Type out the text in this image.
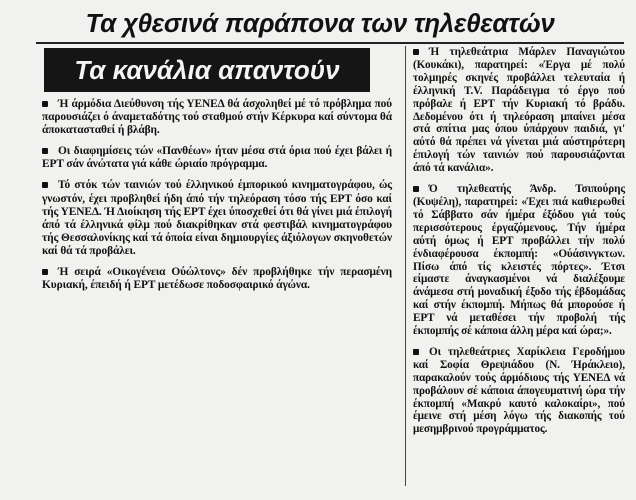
Τα χθεσινά παράπονα των τηλεθεατών
Τα κανάλια απαντούν

Ή άρμόδια Διεύθυνση τής ΥΕΝΕΔ θά άσχοληθεί μέ τό πρόβλημα πού παρουσιάζει ό άναμεταδότης τού σταθμού στήν Κέρκυρα καί σύντομα θά άποκατασταθεί ή βλάβη.

Οι διαφημίσεις τών «Πανθέων» ήταν μέσα στά όρια πού έχει βάλει ή ΕΡΤ σάν άνώτατα γιά κάθε ώριαίο πρόγραμμα.

Τό στόκ τών ταινιών τού έλληνικού έμπορικού κινηματογράφου, ώς γνωστόν, έχει προβληθεί ήδη άπό τήν τηλεόραση τόσο τής ΕΡΤ όσο καί τής ΥΕΝΕΔ. Ή Διοίκηση τής ΕΡΤ έχει ύποσχεθεί ότι θά γίνει μιά έπιλογή άπό τά έλληνικά φίλμ πού διακρίθηκαν στά φεστιβάλ κινηματογράφου τής Θεσσαλονίκης καί τά όποία είναι δημιουργίες άξιόλογων σκηνοθετών καί θά τά προβάλει.

Ή σειρά «Οικογένεια Ούώλτονς» δέν προβλήθηκε τήν περασμένη Κυριακή, έπειδή ή ΕΡΤ μετέδωσε ποδοσφαιρικό άγώνα.

Ή τηλεθεάτρια Μάρλεν Παναγιώτου (Κουκάκι), παρατηρεί: «Έργα μέ πολύ τολμηρές σκηνές προβάλλει τελευταία ή έλληνική Τ.V. Παράδειγμα τό έργο πού πρόβαλε ή ΕΡΤ τήν Κυριακή τό βράδυ. Δεδομένου ότι ή τηλεόραση μπαίνει μέσα στά σπίτια μας όπου ύπάρχουν παιδιά, γι' αύτό θά πρέπει νά γίνεται μιά αύστηρότερη έπιλογή τών ταινιών πού παρουσιάζονται άπό τά κανάλια».

Ό τηλεθεατής Άνδρ. Τσιπούρης (Κυψέλη), παρατηρεί: «Έχει πιά καθιερωθεί τό Σάββατο σάν ήμέρα έξόδου γιά τούς περισσότερους έργαζόμενους. Τήν ήμέρα αύτή όμως ή ΕΡΤ προβάλλει τήν πολύ ένδιαφέρουσα έκπομπή: «Ούάσινγκτων. Πίσω άπό τίς κλειστές πόρτες». Έτσι είμαστε άναγκασμένοι νά διαλέξουμε άνάμεσα στή μοναδική έξοδο τής έβδομάδας καί στήν έκπομπή. Μήπως θά μπορούσε ή ΕΡΤ νά μεταθέσει τήν προβολή τής έκπομπής σέ κάποια άλλη μέρα καί ώρα;».

Οι τηλεθεάτριες Χαρίκλεια Γεροδήμου καί Σοφία Θρεψιάδου (Ν. Ήράκλειο), παρακαλούν τούς άρμόδιους τής ΥΕΝΕΔ νά προβάλουν σέ κάποια άπογευματινή ώρα τήν έκπομπή «Μακρύ καυτό καλοκαίρι», πού έμεινε στή μέση λόγω τής διακοπής τού μεσημβρινού προγράμματος.
